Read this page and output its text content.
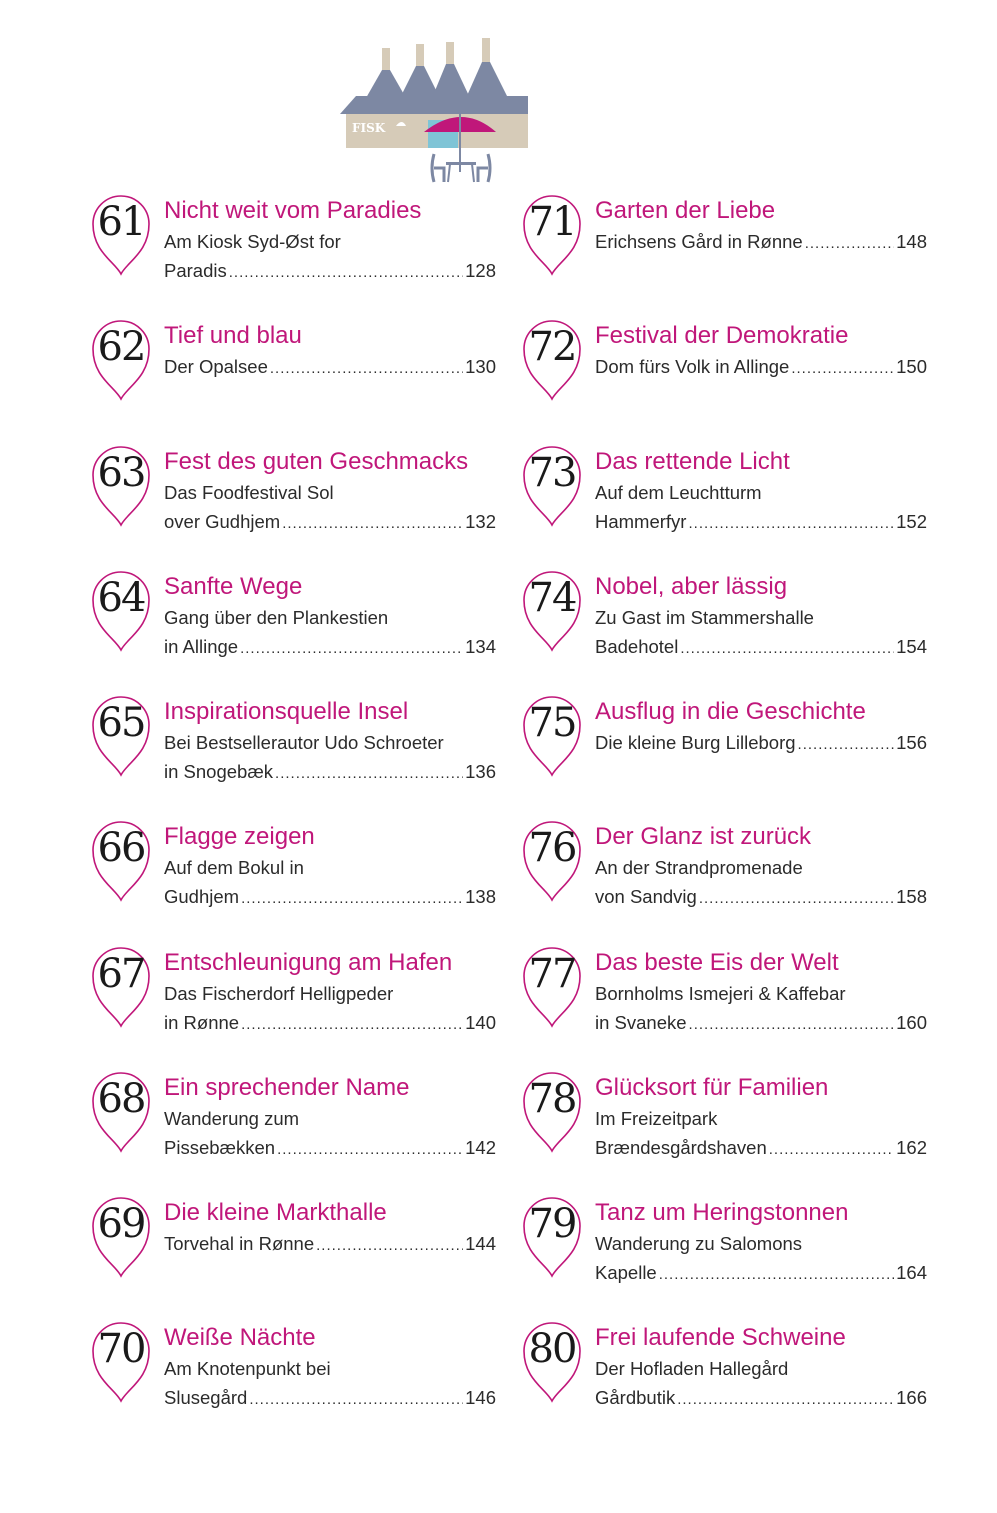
FISK
61 Nicht weit vom Paradies
Am Kiosk Syd-Øst for
Paradis .....	128
62 Tief und blau
Der Opalsee .....	130
63 Fest des guten Geschmacks
Das Foodfestival Sol
over Gudhjem .....	132
64 Sanfte Wege
Gang über den Plankestien
in Allinge .....	134
65 Inspirationsquelle Insel
Bei Bestsellerautor Udo Schroeter
in Snogebæk .....	136
66 Flagge zeigen
Auf dem Bokul in
Gudhjem .....	138
67 Entschleunigung am Hafen
Das Fischerdorf Helligpeder
in Rønne .....	140
68 Ein sprechender Name
Wanderung zum
Pissebækken .....	142
69 Die kleine Markthalle
Torvehal in Rønne .....	144
70 Weiße Nächte
Am Knotenpunkt bei
Slusegård .....	146
71 Garten der Liebe
Erichsens Gård in Rønne .....	148
72 Festival der Demokratie
Dom fürs Volk in Allinge .....	150
73 Das rettende Licht
Auf dem Leuchtturm
Hammerfyr .....	152
74 Nobel, aber lässig
Zu Gast im Stammershalle
Badehotel .....	154
75 Ausflug in die Geschichte
Die kleine Burg Lilleborg .....	156
76 Der Glanz ist zurück
An der Strandpromenade
von Sandvig .....	158
77 Das beste Eis der Welt
Bornholms Ismejeri & Kaffebar
in Svaneke .....	160
78 Glücksort für Familien
Im Freizeitpark
Brændesgårdshaven .....	162
79 Tanz um Heringstonnen
Wanderung zu Salomons
Kapelle .....	164
80 Frei laufende Schweine
Der Hofladen Hallegård
Gårdbutik .....	166
